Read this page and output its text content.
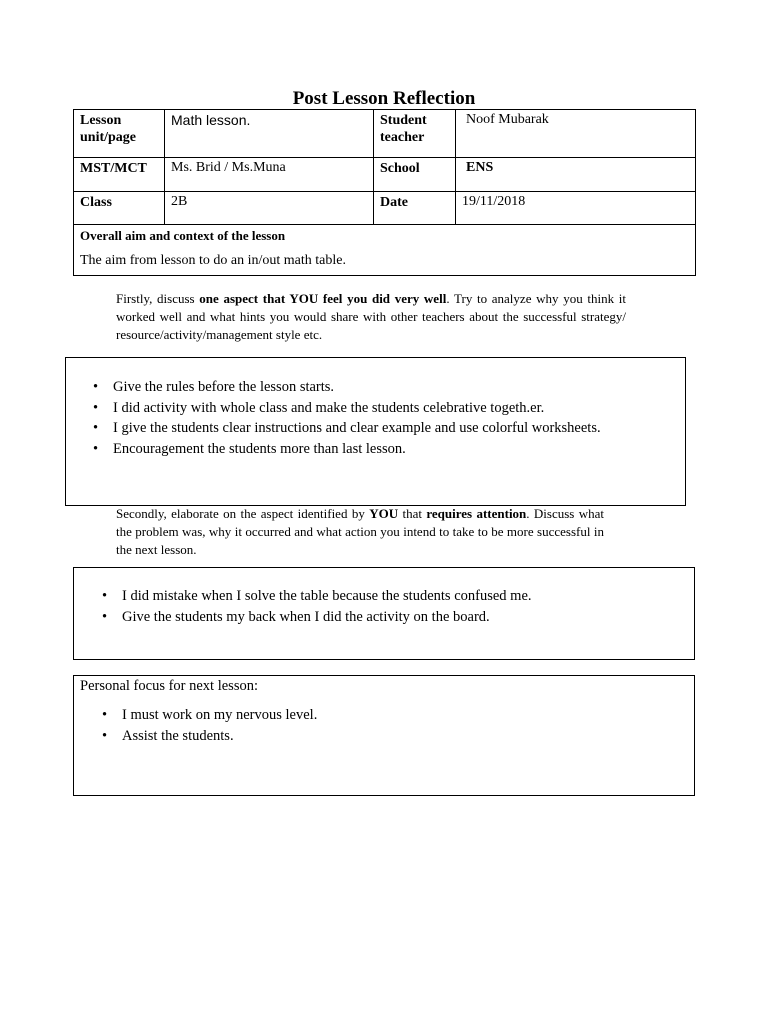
Post Lesson Reflection
Lesson unit/page	Math lesson.	Student teacher	Noof Mubarak
MST/MCT	Ms. Brid / Ms.Muna	School	ENS
Class	2B	Date	19/11/2018

Overall aim and context of the lesson
The aim from lesson to do an in/out math table.			
Firstly, discuss one aspect that YOU feel you did very well. Try to analyze why you think it worked well and what hints you would share with other teachers about the successful strategy/ resource/activity/management style etc.
• Give the rules before the lesson starts.
• I did activity with whole class and make the students celebrative togeth.er.
• I give the students clear instructions and clear example and use colorful worksheets.
• Encouragement the students more than last lesson.
Secondly, elaborate on the aspect identified by YOU that requires attention. Discuss what the problem was, why it occurred and what action you intend to take to be more successful in the next lesson.
• I did mistake when I solve the table because the students confused me.
• Give the students my back when I did the activity on the board.
Personal focus for next lesson:
• I must work on my nervous level.
• Assist the students.
